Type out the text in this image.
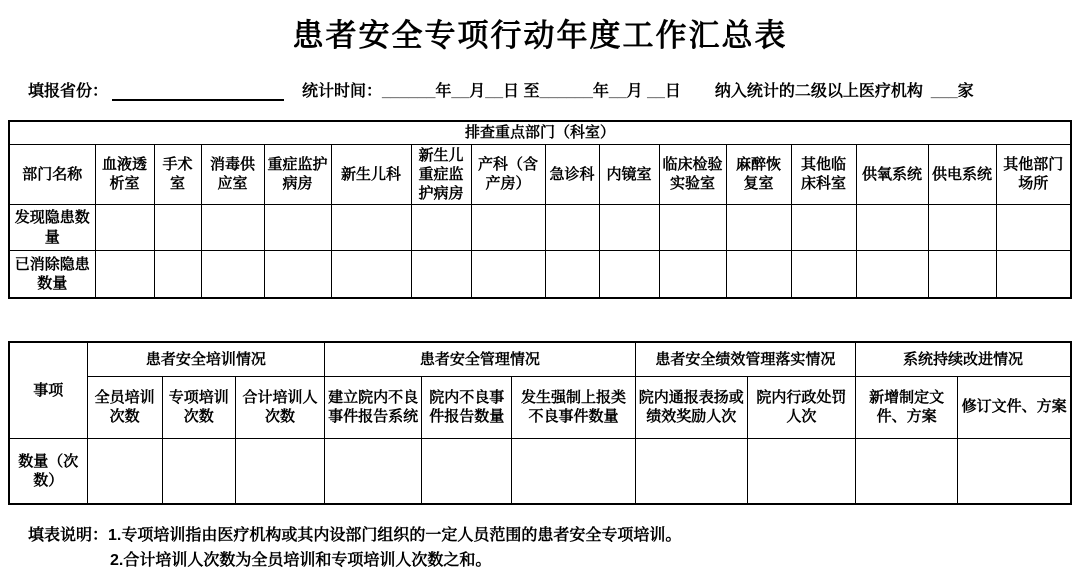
患者安全专项行动年度工作汇总表
填报省份：	统计时间： ______年__月__日 至______年__月 __日 纳入统计的二级以上医疗机构 ___ 家
排查重点部门（科室）															
部门名称	血液透析室	手术室	消毒供应室	重症监护病房	新生儿科	新生儿重症监护病房	产科（含产房）	急诊科	内镜室	临床检验实验室	麻醉恢复室	其他临床科室	供氧系统	供电系统	其他部门场所
发现隐患数量															
已消除隐患数量															
事项	患者安全培训情况			患者安全管理情况			患者安全绩效管理落实情况		系统持续改进情况	
	全员培训次数	专项培训次数	合计培训人次数	建立院内不良事件报告系统	院内不良事件报告数量	发生强制上报类不良事件数量	院内通报表扬或绩效奖励人次	院内行政处罚人次	新增制定文件、方案	修订文件、方案
数量（次数）										
填表说明：1.专项培训指由医疗机构或其内设部门组织的一定人员范围的患者安全专项培训。
2.合计培训人次数为全员培训和专项培训人次数之和。
